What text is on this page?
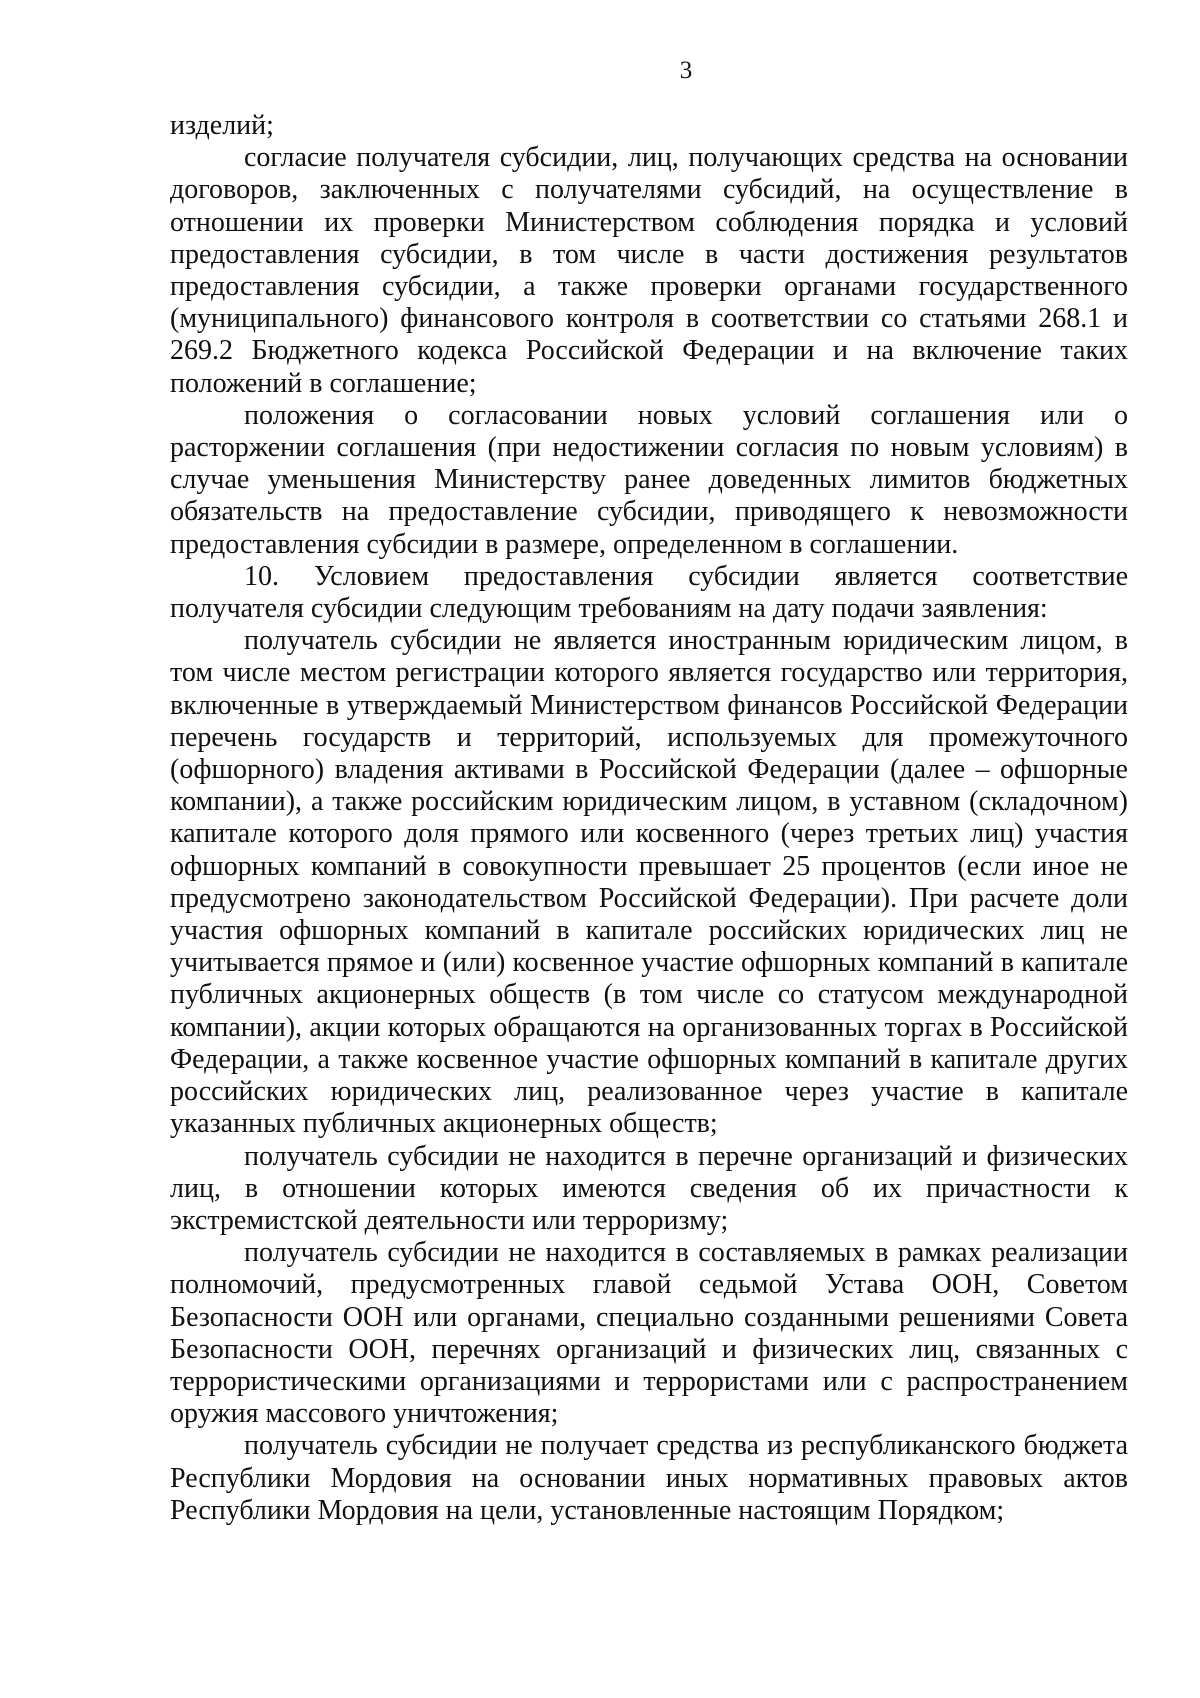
3

изделий;

согласие получателя субсидии, лиц, получающих средства на основании договоров, заключенных с получателями субсидий, на осуществление в отношении их проверки Министерством соблюдения порядка и условий предоставления субсидии, в том числе в части достижения результатов предоставления субсидии, а также проверки органами государственного (муниципального) финансового контроля в соответствии со статьями 268.1 и 269.2 Бюджетного кодекса Российской Федерации и на включение таких положений в соглашение;

положения о согласовании новых условий соглашения или о расторжении соглашения (при недостижении согласия по новым условиям) в случае уменьшения Министерству ранее доведенных лимитов бюджетных обязательств на предоставление субсидии, приводящего к невозможности предоставления субсидии в размере, определенном в соглашении.

10. Условием предоставления субсидии является соответствие получателя субсидии следующим требованиям на дату подачи заявления:

получатель субсидии не является иностранным юридическим лицом, в том числе местом регистрации которого является государство или территория, включенные в утверждаемый Министерством финансов Российской Федерации перечень государств и территорий, используемых для промежуточного (офшорного) владения активами в Российской Федерации (далее – офшорные компании), а также российским юридическим лицом, в уставном (складочном) капитале которого доля прямого или косвенного (через третьих лиц) участия офшорных компаний в совокупности превышает 25 процентов (если иное не предусмотрено законодательством Российской Федерации). При расчете доли участия офшорных компаний в капитале российских юридических лиц не учитывается прямое и (или) косвенное участие офшорных компаний в капитале публичных акционерных обществ (в том числе со статусом международной компании), акции которых обращаются на организованных торгах в Российской Федерации, а также косвенное участие офшорных компаний в капитале других российских юридических лиц, реализованное через участие в капитале указанных публичных акционерных обществ;

получатель субсидии не находится в перечне организаций и физических лиц, в отношении которых имеются сведения об их причастности к экстремистской деятельности или терроризму;

получатель субсидии не находится в составляемых в рамках реализации полномочий, предусмотренных главой седьмой Устава ООН, Советом Безопасности ООН или органами, специально созданными решениями Совета Безопасности ООН, перечнях организаций и физических лиц, связанных с террористическими организациями и террористами или с распространением оружия массового уничтожения;

получатель субсидии не получает средства из республиканского бюджета Республики Мордовия на основании иных нормативных правовых актов Республики Мордовия на цели, установленные настоящим Порядком;
